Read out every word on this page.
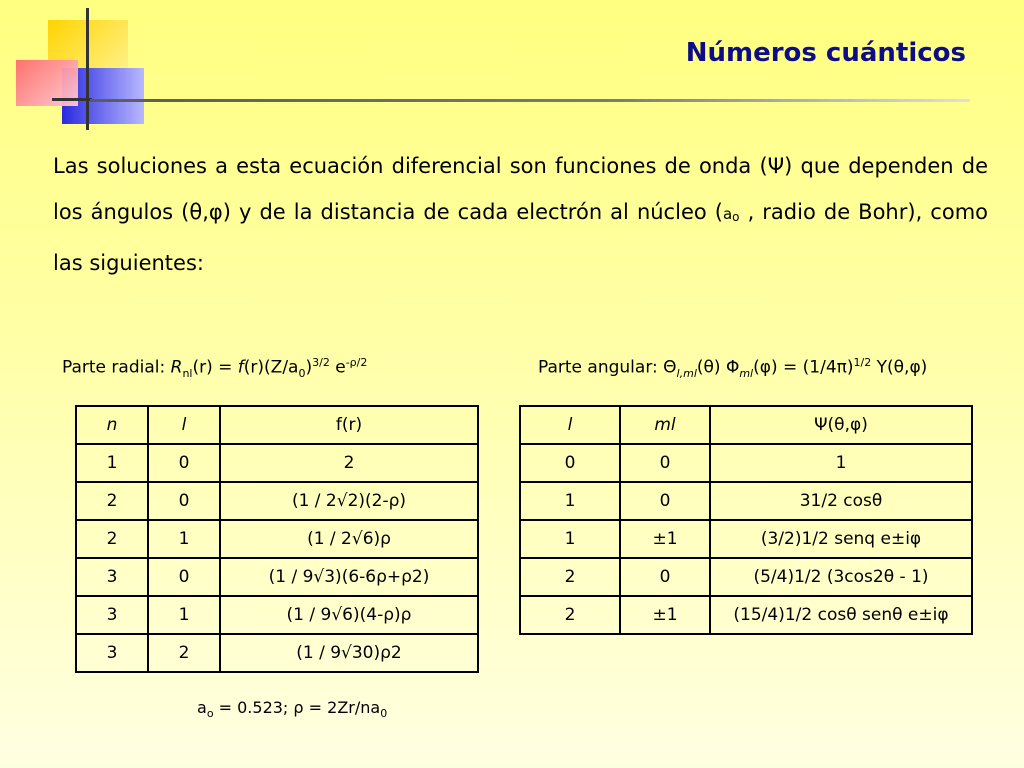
Números cuánticos

Las soluciones a esta ecuación diferencial son funciones de onda (Ψ) que dependen de los ángulos (θ,φ) y de la distancia de cada electrón al núcleo (ao , radio de Bohr), como las siguientes:

Parte radial: $R_{nl}(r) = f(r)(Z/a_0)^{3/2}$ $e^{-\rho/2}$	Parte angular: $\Theta_{l,ml}(\theta) \Phi_{ml}(\varphi) = (1/4\pi)^{1/2}$ Y(θ,φ)
n	l	f(r)
1	0	2
2	0	(1 / 2√2)(2-ρ)
2	1	(1 / 2√6)ρ
3	0	(1 / 9√3)(6-6ρ+ρ2)
3	1	(1 / 9√6)(4-ρ)ρ
3	2	(1 / 9√30)ρ2
l	ml	Ψ(θ,φ)
0	0	1
1	0	31/2 cosθ
1	±1	(3/2)1/2 senq e±iφ
2	0	(5/4)1/2 (3cos2θ - 1)
2	±1	(15/4)1/2 cosθ senθ e±iφ
$a_o = 0.523$; $\rho = 2Zr/na_0$
